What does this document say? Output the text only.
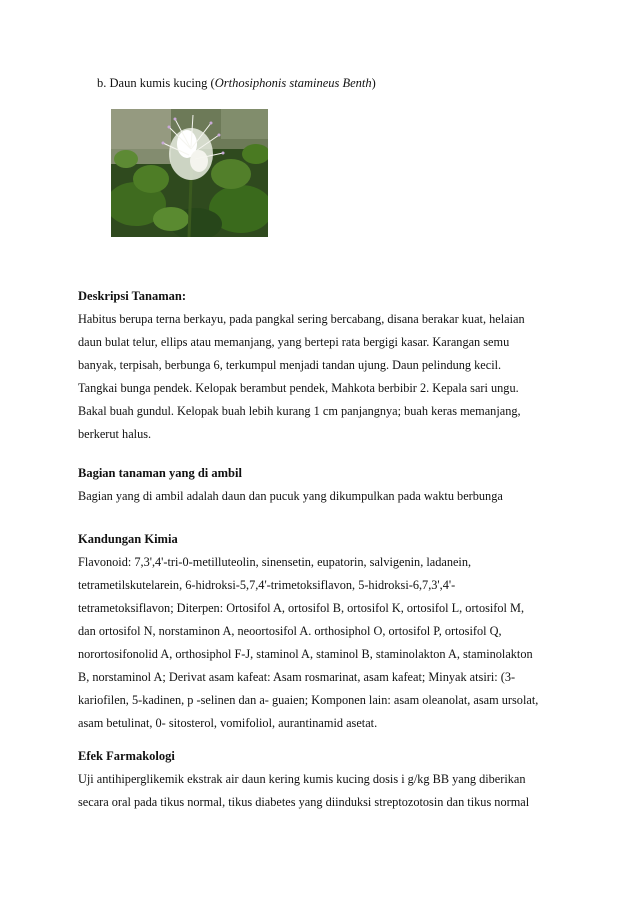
b. Daun kumis kucing (Orthosiphonis stamineus Benth)
Deskripsi Tanaman:
Habitus berupa terna berkayu, pada pangkal sering bercabang, disana berakar kuat, helaian
daun bulat telur, ellips atau memanjang, yang bertepi rata bergigi kasar. Karangan semu
banyak, terpisah, berbunga 6, terkumpul menjadi tandan ujung. Daun pelindung kecil.
Tangkai bunga pendek. Kelopak berambut pendek, Mahkota berbibir 2. Kepala sari ungu.
Bakal buah gundul. Kelopak buah lebih kurang 1 cm panjangnya; buah keras memanjang,
berkerut halus.
Bagian tanaman yang di ambil
Bagian yang di ambil adalah daun dan pucuk yang dikumpulkan pada waktu berbunga
Kandungan Kimia
Flavonoid: 7,3',4'-tri-0-metilluteolin, sinensetin, eupatorin, salvigenin, ladanein,
tetrametilskutelarein, 6-hidroksi-5,7,4'-trimetoksiflavon, 5-hidroksi-6,7,3',4'-
tetrametoksiflavon; Diterpen: Ortosifol A, ortosifol B, ortosifol K, ortosifol L, ortosifol M,
dan ortosifol N, norstaminon A, neoortosifol A. orthosiphol O, ortosifol P, ortosifol Q,
norortosifonolid A, orthosiphol F-J, staminol A, staminol B, staminolakton A, staminolakton
B, norstaminol A; Derivat asam kafeat: Asam rosmarinat, asam kafeat; Minyak atsiri: (3-
kariofilen, 5-kadinen, p -selinen dan a- guaien; Komponen lain: asam oleanolat, asam ursolat,
asam betulinat, 0- sitosterol, vomifoliol, aurantinamid asetat.
Efek Farmakologi
Uji antihiperglikemik ekstrak air daun kering kumis kucing dosis i g/kg BB yang diberikan
secara oral pada tikus normal, tikus diabetes yang diinduksi streptozotosin dan tikus normal
